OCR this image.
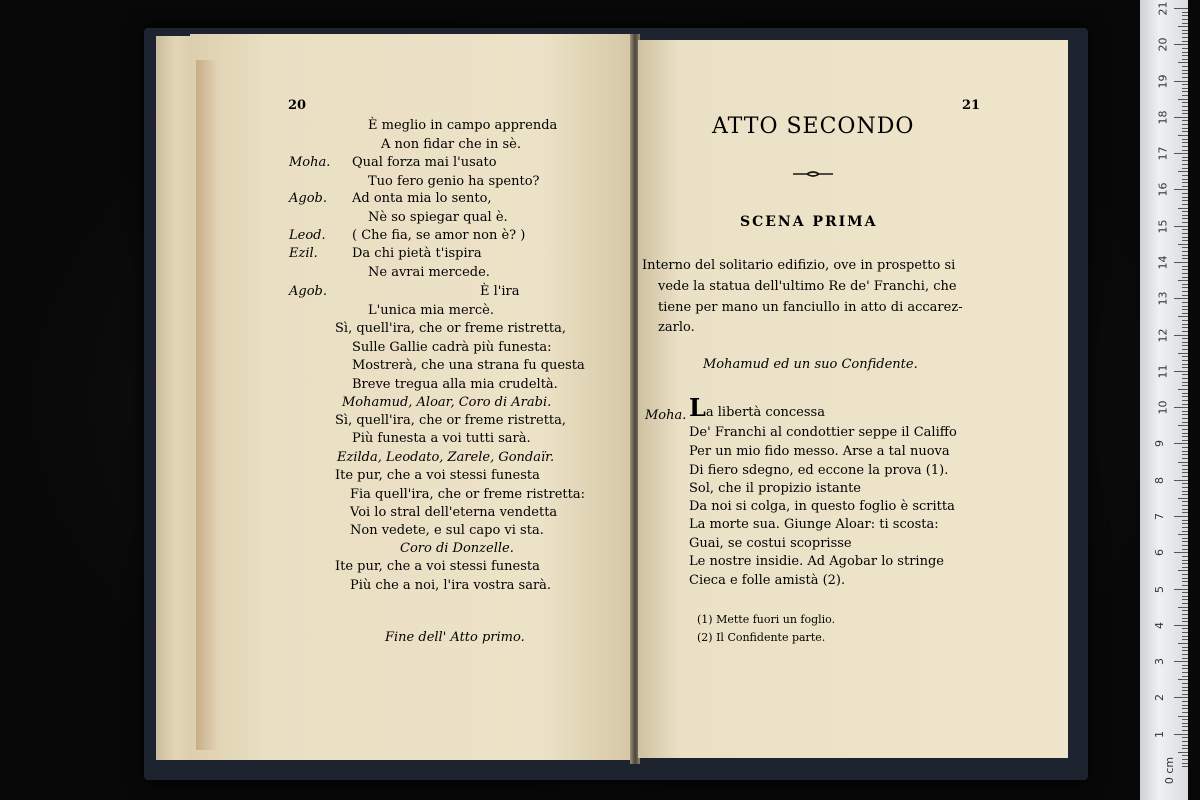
20
È meglio in campo apprenda
A non fidar che in sè.
Moha. Qual forza mai l'usato
Tuo fero genio ha spento?
Agob. Ad onta mia lo sento,
Nè so spiegar qual è.
Leod. ( Che fia, se amor non è? )
Ezil.	Da chi pietà t'ispira
Ne avrai mercede.
Agob.	È l'ira
L'unica mia mercè.
Sì, quell'ira, che or freme ristretta,
Sulle Gallie cadrà più funesta:
Mostrerà, che una strana fu questa
Breve tregua alla mia crudeltà.
Mohamud, Aloar, Coro di Arabi.
Sì, quell'ira, che or freme ristretta,
Più funesta a voi tutti sarà.
Ezilda, Leodato, Zarele, Gondaïr.
Ite pur, che a voi stessi funesta
Fia quell'ira, che or freme ristretta:
Voi lo stral dell'eterna vendetta
Non vedete, e sul capo vi sta.
Coro di Donzelle.
Ite pur, che a voi stessi funesta
Più che a noi, l'ira vostra sarà.
Fine dell' Atto primo.
21
ATTO SECONDO
SCENA PRIMA
Interno del solitario edifizio, ove in prospetto si
vede la statua dell'ultimo Re de' Franchi, che
tiene per mano un fanciullo in atto di accarez-
zarlo.
Mohamud ed un suo Confidente.
Moha. La libertà concessa
De' Franchi al condottier seppe il Califfo
Per un mio fido messo. Arse a tal nuova
Di fiero sdegno, ed eccone la prova (1).
Sol, che il propizio istante
Da noi si colga, in questo foglio è scritta
La morte sua. Giunge Aloar: ti scosta:
Guai, se costui scoprisse
Le nostre insidie. Ad Agobar lo stringe
Cieca e folle amistà (2).
(1) Mette fuori un foglio.
(2) Il Confidente parte.
21
20
19
18
17
16
15
14
13
12
11
10
9
8
7
6
5
4
3
2
1
0 cm
